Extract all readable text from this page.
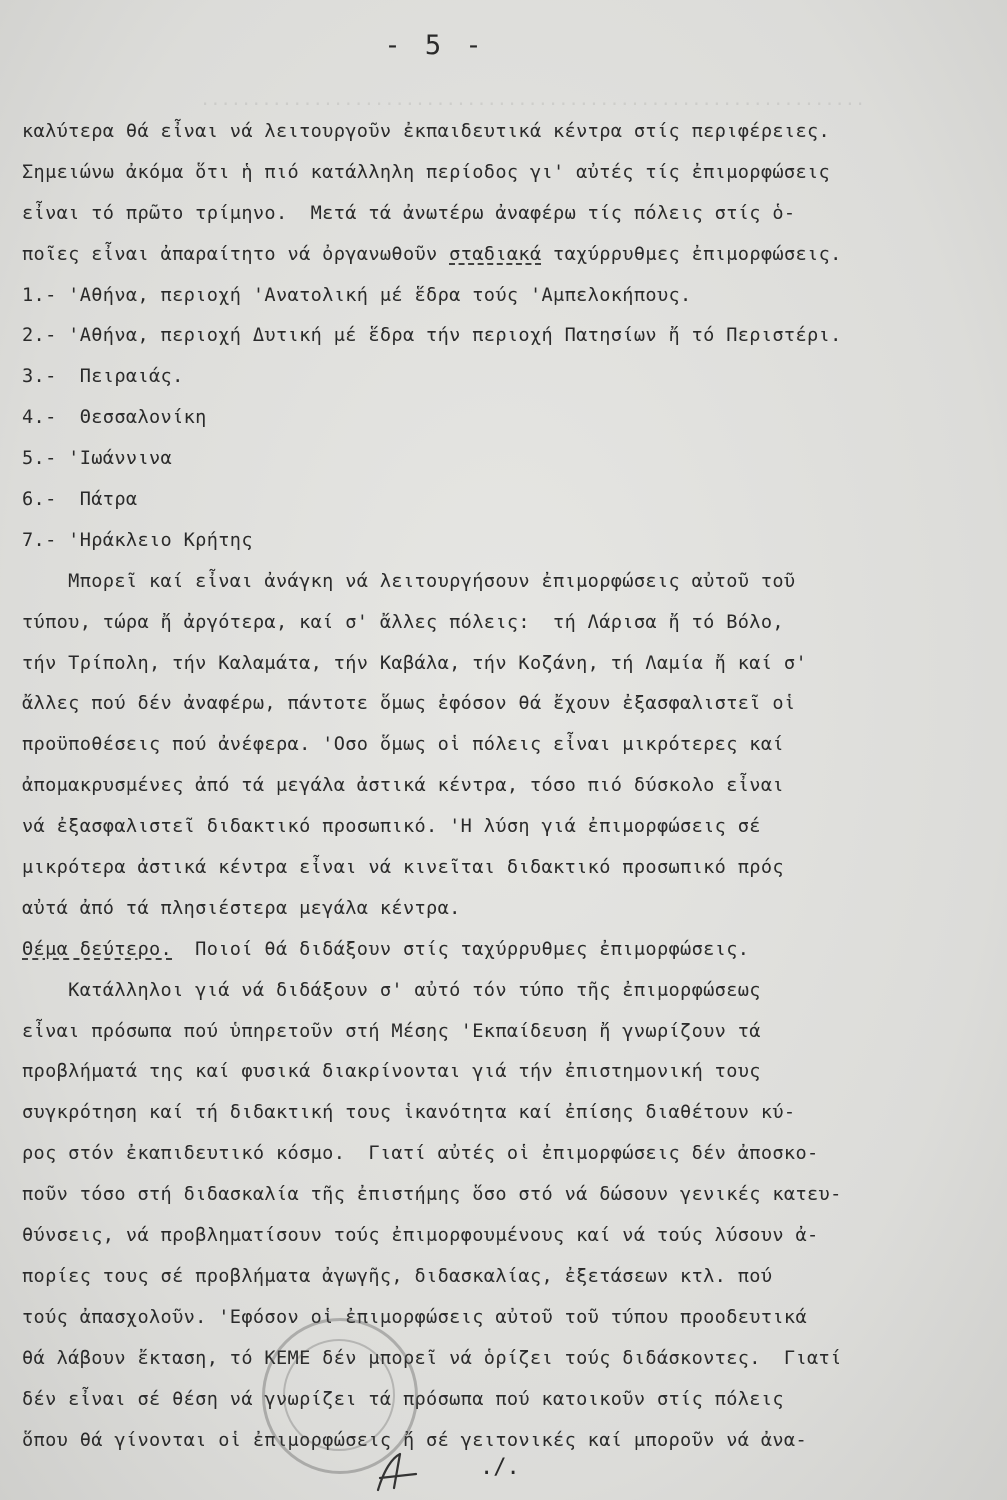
.................................................................
- 5 -
καλύτερα θά εἶναι νά λειτουργοῦν ἐκπαιδευτικά κέντρα στίς περιφέρειες.
Σημειώνω ἀκόμα ὅτι ἡ πιό κατάλληλη περίοδος γι' αὐτές τίς ἐπιμορφώσεις
εἶναι τό πρῶτο τρίμηνο.  Μετά τά ἀνωτέρω ἀναφέρω τίς πόλεις στίς ὁ-
ποῖες εἶναι ἀπαραίτητο νά ὀργανωθοῦν σταδιακά ταχύρρυθμες ἐπιμορφώσεις.
1.- 'Αθήνα, περιοχή 'Ανατολική μέ ἕδρα τούς 'Αμπελοκήπους.
2.- 'Αθήνα, περιοχή Δυτική μέ ἕδρα τήν περιοχή Πατησίων ἤ τό Περιστέρι.
3.-  Πειραιάς.
4.-  Θεσσαλονίκη
5.- 'Ιωάννινα
6.-  Πάτρα
7.- 'Ηράκλειο Κρήτης
Μπορεῖ καί εἶναι ἀνάγκη νά λειτουργήσουν ἐπιμορφώσεις αὐτοῦ τοῦ
τύπου, τώρα ἤ ἀργότερα, καί σ' ἄλλες πόλεις:  τή Λάρισα ἤ τό Βόλο,
τήν Τρίπολη, τήν Καλαμάτα, τήν Καβάλα, τήν Κοζάνη, τή Λαμία ἤ καί σ'
ἄλλες πού δέν ἀναφέρω, πάντοτε ὅμως ἐφόσον θά ἔχουν ἐξασφαλιστεῖ οἱ
προϋποθέσεις πού ἀνέφερα. 'Οσο ὅμως οἱ πόλεις εἶναι μικρότερες καί
ἀπομακρυσμένες ἀπό τά μεγάλα ἀστικά κέντρα, τόσο πιό δύσκολο εἶναι
νά ἐξασφαλιστεῖ διδακτικό προσωπικό. 'Η λύση γιά ἐπιμορφώσεις σέ
μικρότερα ἀστικά κέντρα εἶναι νά κινεῖται διδακτικό προσωπικό πρός
αὐτά ἀπό τά πλησιέστερα μεγάλα κέντρα.
Θέμα δεύτερο.  Ποιοί θά διδάξουν στίς ταχύρρυθμες ἐπιμορφώσεις.
Κατάλληλοι γιά νά διδάξουν σ' αὐτό τόν τύπο τῆς ἐπιμορφώσεως
εἶναι πρόσωπα πού ὑπηρετοῦν στή Μέσης 'Εκπαίδευση ἤ γνωρίζουν τά
προβλήματά της καί φυσικά διακρίνονται γιά τήν ἐπιστημονική τους
συγκρότηση καί τή διδακτική τους ἱκανότητα καί ἐπίσης διαθέτουν κύ-
ρος στόν ἐκαπιδευτικό κόσμο.  Γιατί αὐτές οἱ ἐπιμορφώσεις δέν ἀποσκο-
ποῦν τόσο στή διδασκαλία τῆς ἐπιστήμης ὅσο στό νά δώσουν γενικές κατευ-
θύνσεις, νά προβληματίσουν τούς ἐπιμορφουμένους καί νά τούς λύσουν ἀ-
πορίες τους σέ προβλήματα ἀγωγῆς, διδασκαλίας, ἐξετάσεων κτλ. πού
τούς ἀπασχολοῦν. 'Εφόσον οἱ ἐπιμορφώσεις αὐτοῦ τοῦ τύπου προοδευτικά
θά λάβουν ἔκταση, τό ΚΕΜΕ δέν μπορεῖ νά ὁρίζει τούς διδάσκοντες.  Γιατί
δέν εἶναι σέ θέση νά γνωρίζει τά πρόσωπα πού κατοικοῦν στίς πόλεις
ὅπου θά γίνονται οἱ ἐπιμορφώσεις ἤ σέ γειτονικές καί μποροῦν νά ἀνα-
./.
